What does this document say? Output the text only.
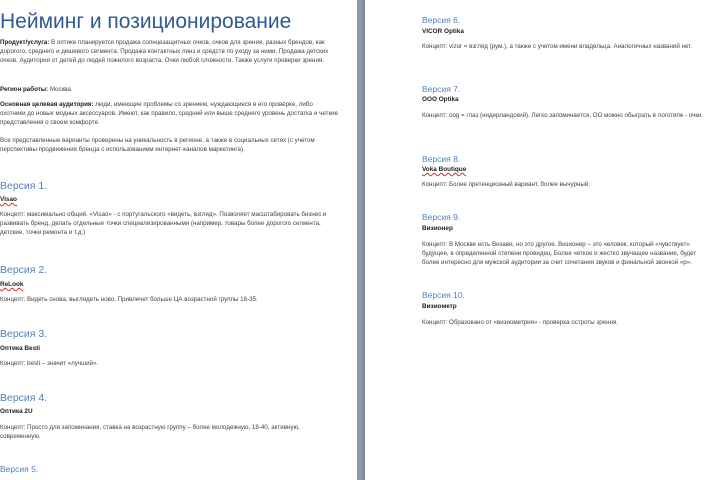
Нейминг и позиционирование
Продукт/услуга: В оптике планируется продажа солнцезащитных очков, очков для зрения, разных брендов, как дорогого, среднего и дешевого сегмента. Продажа контактных линз и средств по уходу за ними. Продажа детских очков. Аудитория от детей до людей пожилого возраста. Очки любой сложности. Также услуги проверки зрения.
Регион работы: Москва
Основная целевая аудитория: люди, имеющие проблемы со зрением, нуждающиеся в его проверке, либо охотники до новых модных аксессуаров. Имеют, как правило, средний или выше среднего уровень достатка и четкие представления о своем комфорте.
Все представленные варианты проверены на уникальность в регионе, а также в социальных сетях (с учетом перспективы продвижения бренда с использованием интернет-каналов маркетинга).
Версия 1.
Visao
Концепт: максимально общий. «Visao» - с португальского «видеть, взгляд». Позволяет масштабировать бизнес и развивать бренд, делать отдельные точки специализированными (например, товары более дорогого сегмента, детские, точки ремонта и т.д.)
Версия 2.
ReLook
Концепт: Видеть снова, выглядеть ново. Привлечет больше ЦА возрастной группы 18-35.
Версия 3.
Оптика Besti
Концепт: besti – значит «лучший».
Версия 4.
Оптика 2U
Концепт: Просто для запоминания, ставка на возрастную группу – более молодежную, 18-40, активную, современную.
Версия 5.
Версия 6.
VICOR Optika
Концепт: vizor = взгляд (рум.), а также с учетом имени владельца. Аналогичных названий нет.
Версия 7.
ООО Optika
Концепт: oog = глаз (нидерландский). Легко запоминается, ОО можно обыграть в логотипе - очки.
Версия 8.
Voka Boutique
Концепт: Более претенциозный вариант, более вычурный.
Версия 9.
Визионер
Концепт: В Москве есть Визави, но это другое. Визионер – это человек, который «чувствует» будущее, в определенной степени провидец. Более четкое и жестко звучащее название, будет более интересно для мужской аудитории за счет сочетания звуков и финальной звонкой «р».
Версия 10.
Визиометр
Концепт: Образовано от «визиометрия» - проверка остроты зрения.
